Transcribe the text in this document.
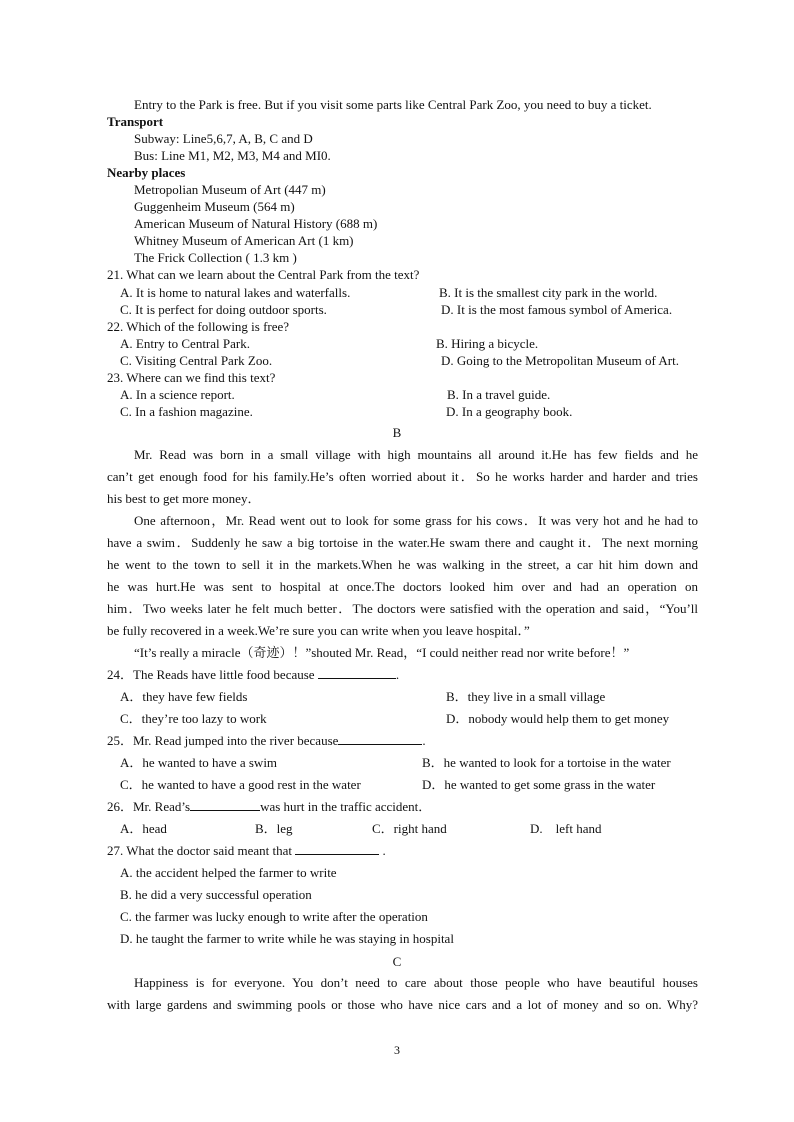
Entry to the Park is free. But if you visit some parts like Central Park Zoo, you need to buy a ticket.
Transport
Subway: Line5,6,7, A, B, C and D
Bus: Line M1, M2, M3, M4 and MI0.
Nearby places
Metropolian Museum of Art (447 m)
Guggenheim Museum (564 m)
American Museum of Natural History (688 m)
Whitney Museum of American Art (1 km)
The Frick Collection ( 1.3 km )
21. What can we learn about the Central Park from the text?
A. It is home to natural lakes and waterfalls.	B. It is the smallest city park in the world.
C. It is perfect for doing outdoor sports.	D. It is the most famous symbol of America.
22. Which of the following is free?
A. Entry to Central Park.	B. Hiring a bicycle.
C. Visiting Central Park Zoo.	D. Going to the Metropolitan Museum of Art.
23. Where can we find this text?
A. In a science report.	B. In a travel guide.
C. In a fashion magazine.	D. In a geography book.
B
Mr. Read was born in a small village with high mountains all around it.He has few fields and he
can’t get enough food for his family.He’s often worried about it．So he works harder and harder and tries
his best to get more money．
One afternoon，Mr. Read went out to look for some grass for his cows．It was very hot and he had to
have a swim．Suddenly he saw a big tortoise in the water.He swam there and caught it．The next morning
he went to the town to sell it in the markets.When he was walking in the street, a car hit him down and
he was hurt.He was sent to hospital at once.The doctors looked him over and had an operation on
him．Two weeks later he felt much better．The doctors were satisfied with the operation and said，“You’ll
be fully recovered in a week.We’re sure you can write when you leave hospital．”
“It’s really a miracle（奇迹）！”shouted Mr. Read，“I could neither read nor write before！”
24．The Reads have little food because	.
A．they have few fields	B．they live in a small village
C．they’re too lazy to work	D．nobody would help them to get money
25．Mr. Read jumped into the river because	.
A．he wanted to have a swim	B．he wanted to look for a tortoise in the water
C．he wanted to have a good rest in the water	D．he wanted to get some grass in the water
26．Mr. Read’s	was hurt in the traffic accident．
A．head	B．leg	C．right hand	D.　left hand
27. What the doctor said meant that	.
A. the accident helped the farmer to write
B. he did a very successful operation
C. the farmer was lucky enough to write after the operation
D. he taught the farmer to write while he was staying in hospital
C
Happiness is for everyone. You don’t need to care about those people who have beautiful houses
with large gardens and swimming pools or those who have nice cars and a lot of money and so on. Why?
3
